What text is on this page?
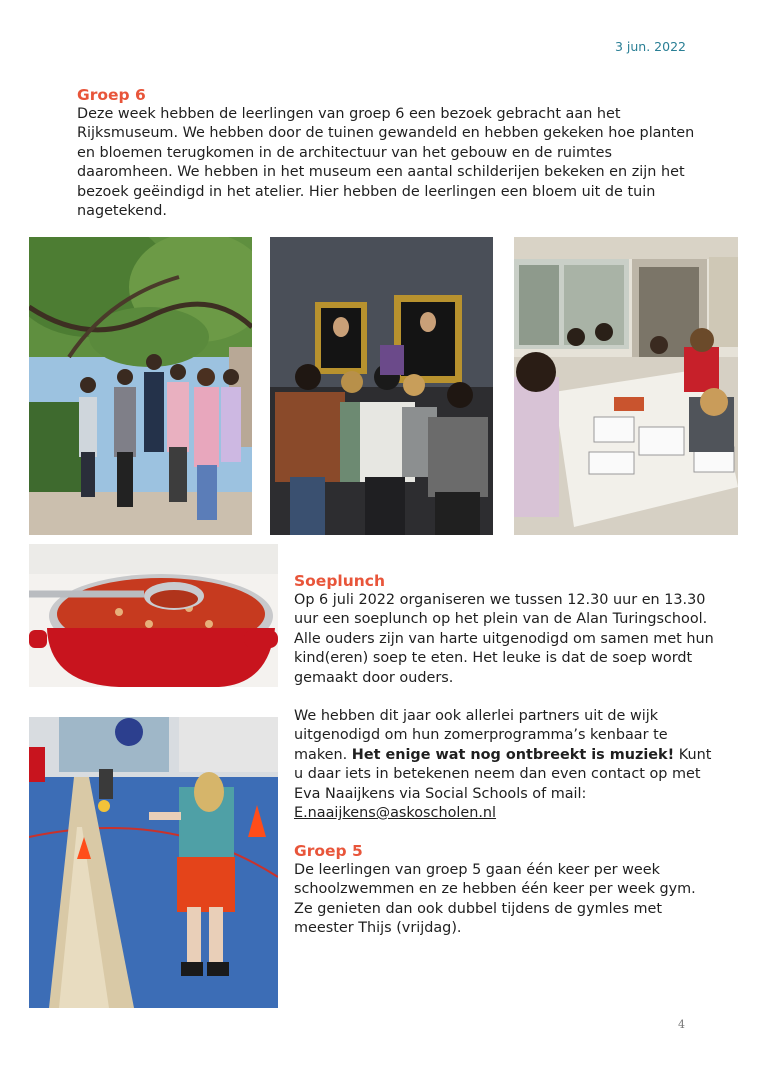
3 jun. 2022

Groep 6

Deze week hebben de leerlingen van groep 6 een bezoek gebracht aan het Rijksmuseum. We hebben door de tuinen gewandeld en hebben gekeken hoe planten en bloemen terugkomen in de architectuur van het gebouw en de ruimtes daaromheen. We hebben in het museum een aantal schilderijen bekeken en zijn het bezoek geëindigd in het atelier. Hier hebben de leerlingen een bloem uit de tuin nagetekend.

Soeplunch

Op 6 juli 2022 organiseren we tussen 12.30 uur en 13.30 uur een soeplunch op het plein van de Alan Turingschool. Alle ouders zijn van harte uitgenodigd om samen met hun kind(eren) soep te eten. Het leuke is dat de soep wordt gemaakt door ouders.

We hebben dit jaar ook allerlei partners uit de wijk uitgenodigd om hun zomerprogramma’s kenbaar te maken. Het enige wat nog ontbreekt is muziek! Kunt u daar iets in betekenen neem dan even contact op met Eva Naaijkens via Social Schools of mail: E.naaijkens@askoscholen.nl

Groep 5

De leerlingen van groep 5 gaan één keer per week schoolzwemmen en ze hebben één keer per week gym. Ze genieten dan ook dubbel tijdens de gymles met meester Thijs (vrijdag).

4
